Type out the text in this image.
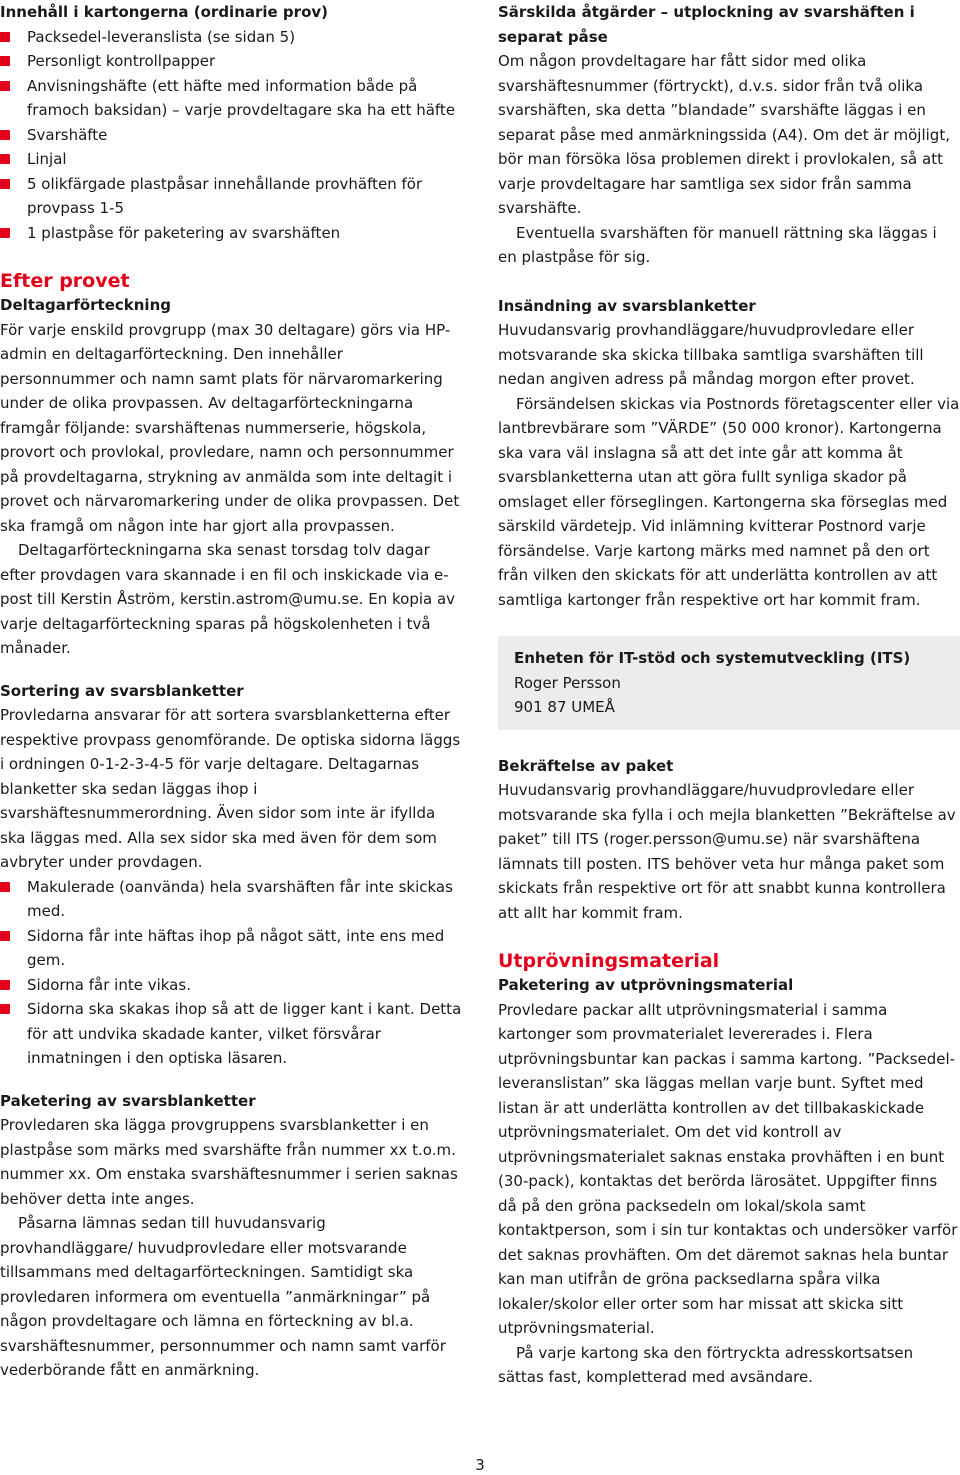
Innehåll i kartongerna (ordinarie prov)

Packsedel-leveranslista (se sidan 5)
Personligt kontrollpapper
Anvisningshäfte (ett häfte med information både på framoch baksidan) – varje provdeltagare ska ha ett häfte
Svarshäfte
Linjal
5 olikfärgade plastpåsar innehållande provhäften för provpass 1-5
1 plastpåse för paketering av svarshäften

Efter provet

Deltagarförteckning

För varje enskild provgrupp (max 30 deltagare) görs via HP-admin en deltagarförteckning. Den innehåller personnummer och namn samt plats för närvaromarkering under de olika provpassen. Av deltagarförteckningarna framgår följande: svarshäftenas nummerserie, högskola, provort och provlokal, provledare, namn och personnummer på provdeltagarna, strykning av anmälda som inte deltagit i provet och närvaromarkering under de olika provpassen. Det ska framgå om någon inte har gjort alla provpassen.

Deltagarförteckningarna ska senast torsdag tolv dagar efter provdagen vara skannade i en fil och inskickade via e-post till Kerstin Åström, kerstin.astrom@umu.se. En kopia av varje deltagarförteckning sparas på högskolenheten i två månader.

Sortering av svarsblanketter

Provledarna ansvarar för att sortera svarsblanketterna efter respektive provpass genomförande. De optiska sidorna läggs i ordningen 0-1-2-3-4-5 för varje deltagare. Deltagarnas blanketter ska sedan läggas ihop i svarshäftesnummerordning. Även sidor som inte är ifyllda ska läggas med. Alla sex sidor ska med även för dem som avbryter under provdagen.

Makulerade (oanvända) hela svarshäften får inte skickas med.
Sidorna får inte häftas ihop på något sätt, inte ens med gem.
Sidorna får inte vikas.
Sidorna ska skakas ihop så att de ligger kant i kant. Detta för att undvika skadade kanter, vilket försvårar inmatningen i den optiska läsaren.

Paketering av svarsblanketter

Provledaren ska lägga provgruppens svarsblanketter i en plastpåse som märks med svarshäfte från nummer xx t.o.m. nummer xx. Om enstaka svarshäftesnummer i serien saknas behöver detta inte anges.

Påsarna lämnas sedan till huvudansvarig provhandläggare/ huvudprovledare eller motsvarande tillsammans med deltagarförteckningen. Samtidigt ska provledaren informera om eventuella ”anmärkningar” på någon provdeltagare och lämna en förteckning av bl.a. svarshäftesnummer, personnummer och namn samt varför vederbörande fått en anmärkning.

Särskilda åtgärder – utplockning av svarshäften i separat påse

Om någon provdeltagare har fått sidor med olika svarshäftesnummer (förtryckt), d.v.s. sidor från två olika svarshäften, ska detta ”blandade” svarshäfte läggas i en separat påse med anmärkningssida (A4). Om det är möjligt, bör man försöka lösa problemen direkt i provlokalen, så att varje provdeltagare har samtliga sex sidor från samma svarshäfte.

Eventuella svarshäften för manuell rättning ska läggas i en plastpåse för sig.

Insändning av svarsblanketter

Huvudansvarig provhandläggare/huvudprovledare eller motsvarande ska skicka tillbaka samtliga svarshäften till nedan angiven adress på måndag morgon efter provet.

Försändelsen skickas via Postnords företagscenter eller via lantbrevbärare som ”VÄRDE” (50 000 kronor). Kartongerna ska vara väl inslagna så att det inte går att komma åt svarsblanketterna utan att göra fullt synliga skador på omslaget eller förseglingen. Kartongerna ska förseglas med särskild värdetejp. Vid inlämning kvitterar Postnord varje försändelse. Varje kartong märks med namnet på den ort från vilken den skickats för att underlätta kontrollen av att samtliga kartonger från respektive ort har kommit fram.

Enheten för IT-stöd och systemutveckling (ITS)

Roger Persson

901 87 UMEÅ

Bekräftelse av paket

Huvudansvarig provhandläggare/huvudprovledare eller motsvarande ska fylla i och mejla blanketten ”Bekräftelse av paket” till ITS (roger.persson@umu.se) när svarshäftena lämnats till posten. ITS behöver veta hur många paket som skickats från respektive ort för att snabbt kunna kontrollera att allt har kommit fram.

Utprövningsmaterial

Paketering av utprövningsmaterial

Provledare packar allt utprövningsmaterial i samma kartonger som provmaterialet levererades i. Flera utprövningsbuntar kan packas i samma kartong. ”Packsedel-leveranslistan” ska läggas mellan varje bunt. Syftet med listan är att underlätta kontrollen av det tillbakaskickade utprövningsmaterialet. Om det vid kontroll av utprövningsmaterialet saknas enstaka provhäften i en bunt (30-pack), kontaktas det berörda lärosätet. Uppgifter finns då på den gröna packsedeln om lokal/skola samt kontaktperson, som i sin tur kontaktas och undersöker varför det saknas provhäften. Om det däremot saknas hela buntar kan man utifrån de gröna packsedlarna spåra vilka lokaler/skolor eller orter som har missat att skicka sitt utprövningsmaterial.

På varje kartong ska den förtryckta adresskortsatsen sättas fast, kompletterad med avsändare.

3
